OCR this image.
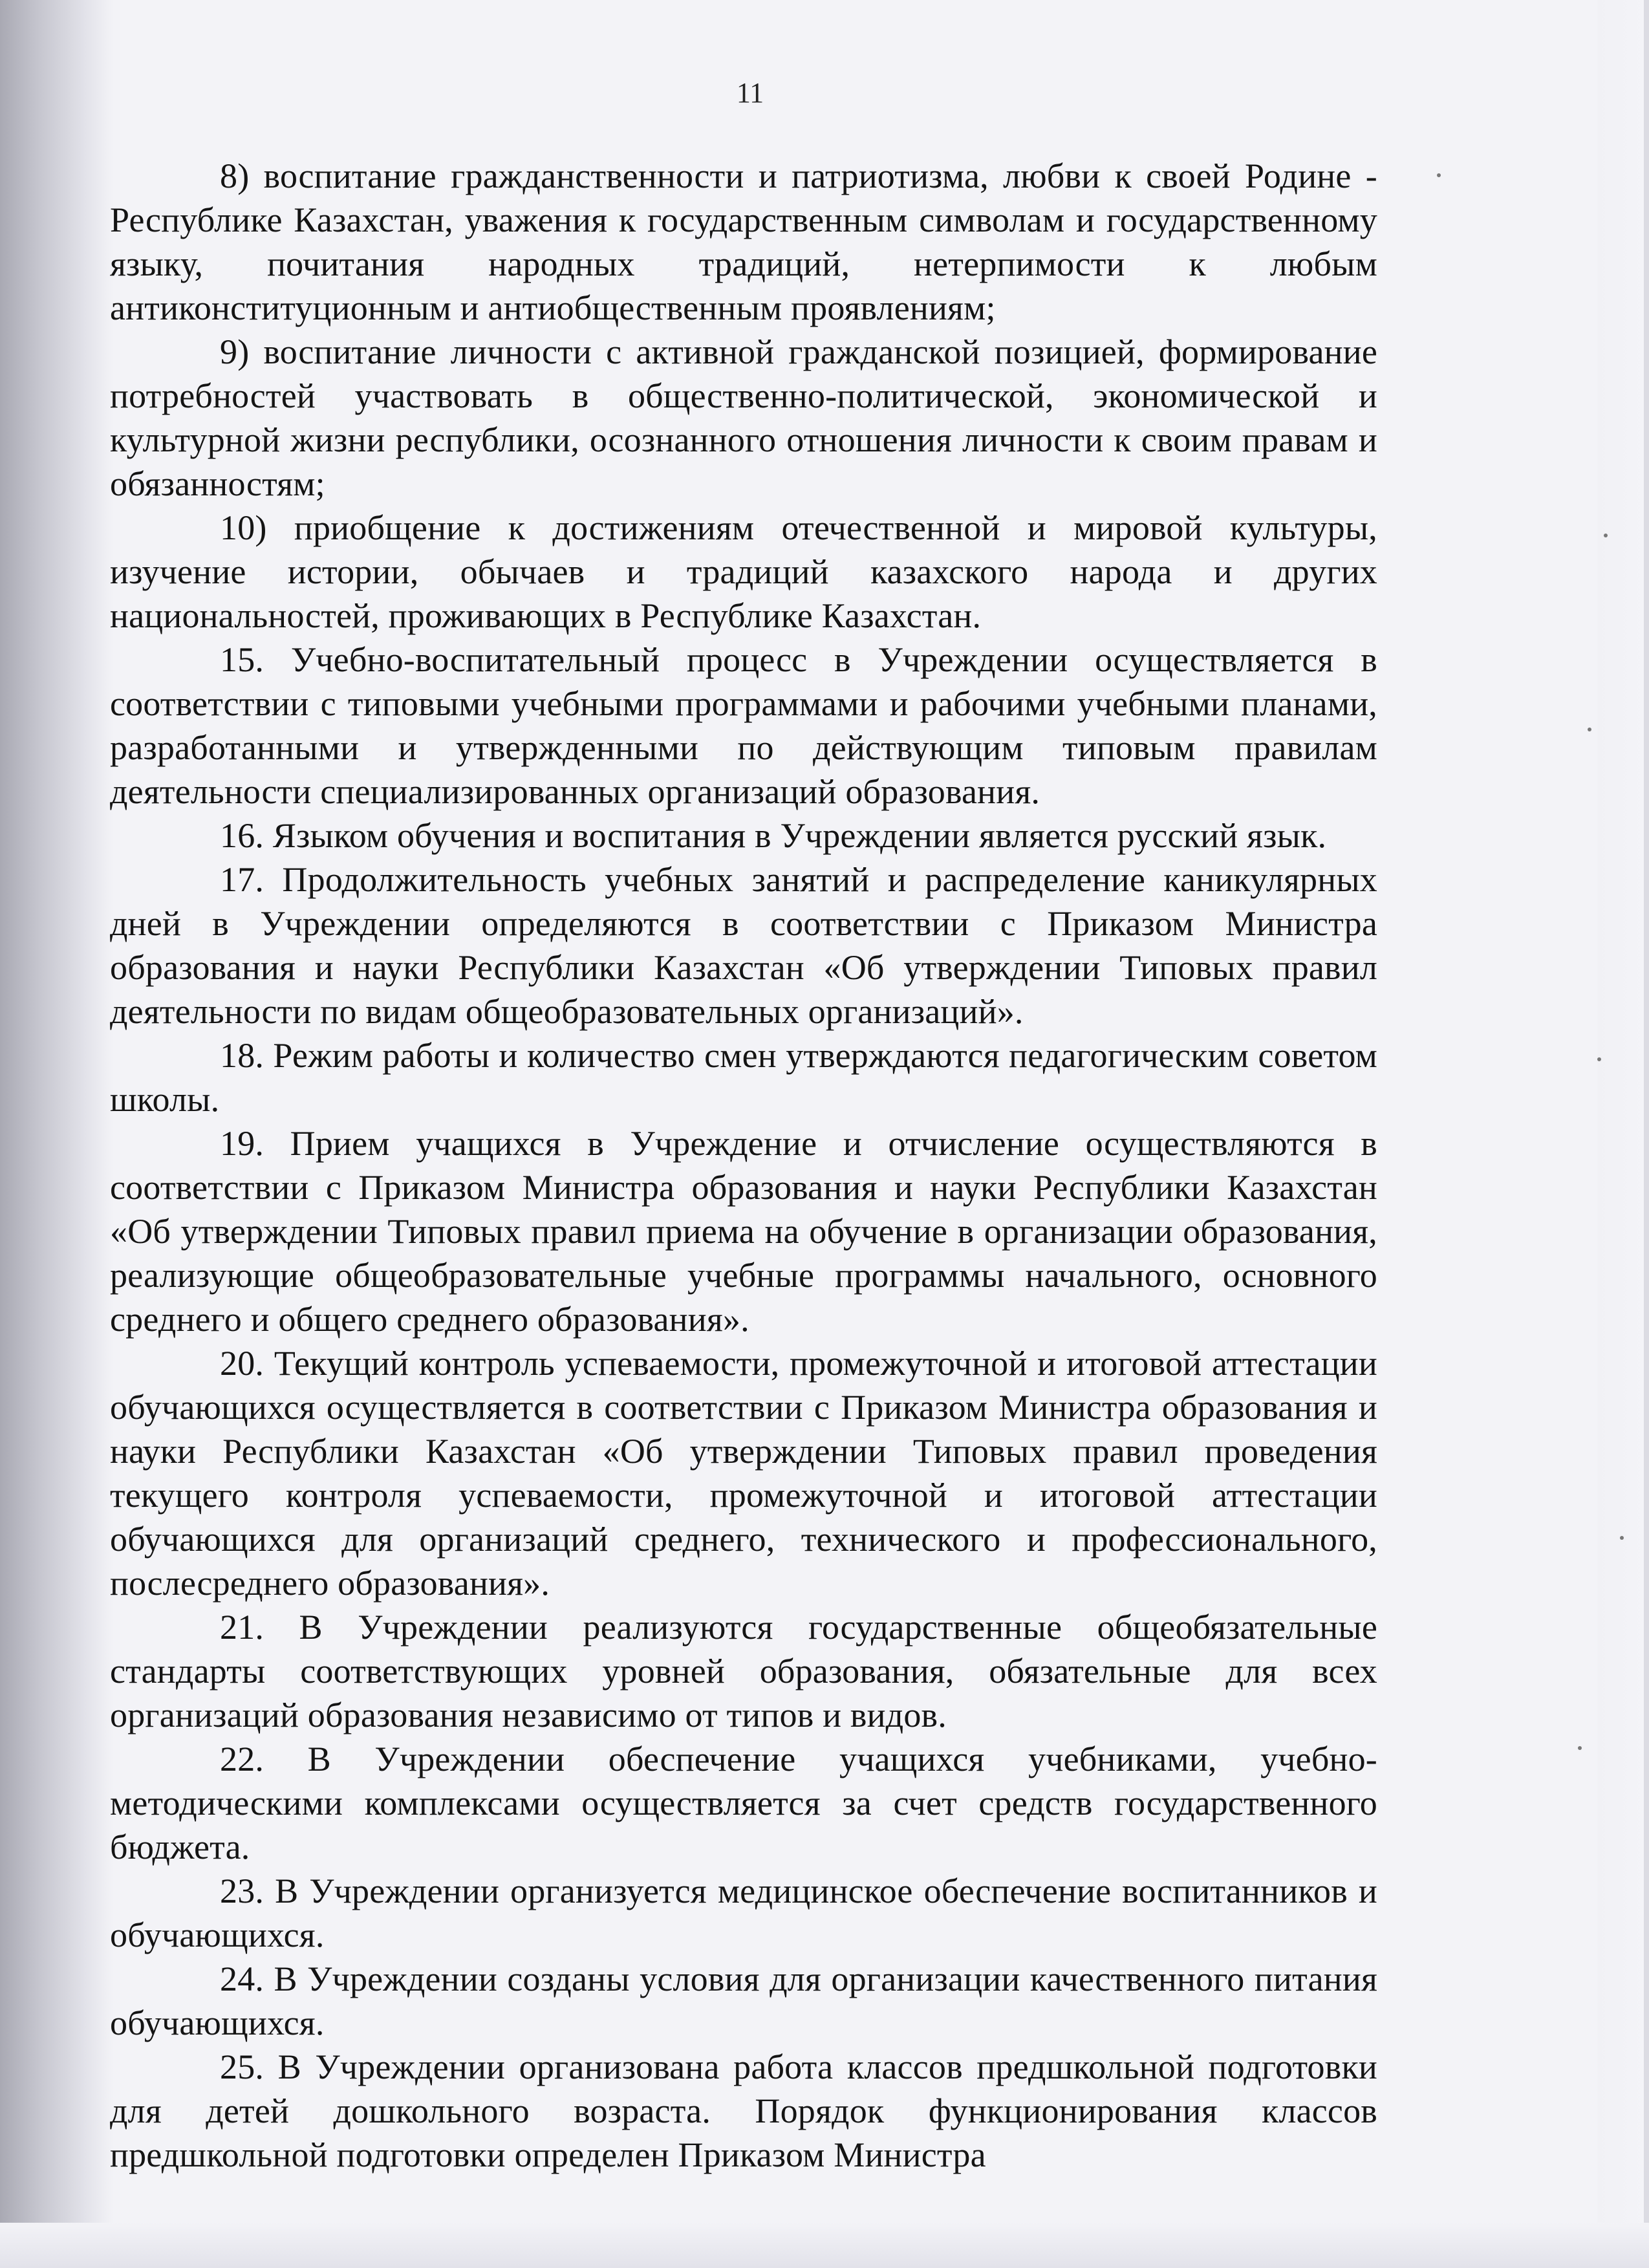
11

8) воспитание гражданственности и патриотизма, любви к своей Родине - Республике Казахстан, уважения к государственным символам и государственному языку, почитания народных традиций, нетерпимости к любым антиконституционным и антиобщественным проявлениям;

9) воспитание личности с активной гражданской позицией, формирование потребностей участвовать в общественно-политической, экономической и культурной жизни республики, осознанного отношения личности к своим правам и обязанностям;

10) приобщение к достижениям отечественной и мировой культуры, изучение истории, обычаев и традиций казахского народа и других национальностей, проживающих в Республике Казахстан.

15. Учебно-воспитательный процесс в Учреждении осуществляется в соответствии с типовыми учебными программами и рабочими учебными планами, разработанными и утвержденными по действующим типовым правилам деятельности специализированных организаций образования.

16. Языком обучения и воспитания в Учреждении является русский язык.

17. Продолжительность учебных занятий и распределение каникулярных дней в Учреждении определяются в соответствии с Приказом Министра образования и науки Республики Казахстан «Об утверждении Типовых правил деятельности по видам общеобразовательных организаций».

18. Режим работы и количество смен утверждаются педагогическим советом школы.

19. Прием учащихся в Учреждение и отчисление осуществляются в соответствии с Приказом Министра образования и науки Республики Казахстан «Об утверждении Типовых правил приема на обучение в организации образования, реализующие общеобразовательные учебные программы начального, основного среднего и общего среднего образования».

20. Текущий контроль успеваемости, промежуточной и итоговой аттестации обучающихся осуществляется в соответствии с Приказом Министра образования и науки Республики Казахстан «Об утверждении Типовых правил проведения текущего контроля успеваемости, промежуточной и итоговой аттестации обучающихся для организаций среднего, технического и профессионального, послесреднего образования».

21. В Учреждении реализуются государственные общеобязательные стандарты соответствующих уровней образования, обязательные для всех организаций образования независимо от типов и видов.

22. В Учреждении обеспечение учащихся учебниками, учебно-методическими комплексами осуществляется за счет средств государственного бюджета.

23. В Учреждении организуется медицинское обеспечение воспитанников и обучающихся.

24. В Учреждении созданы условия для организации качественного питания обучающихся.

25. В Учреждении организована работа классов предшкольной подготовки для детей дошкольного возраста. Порядок функционирования классов предшкольной подготовки определен Приказом Министра
